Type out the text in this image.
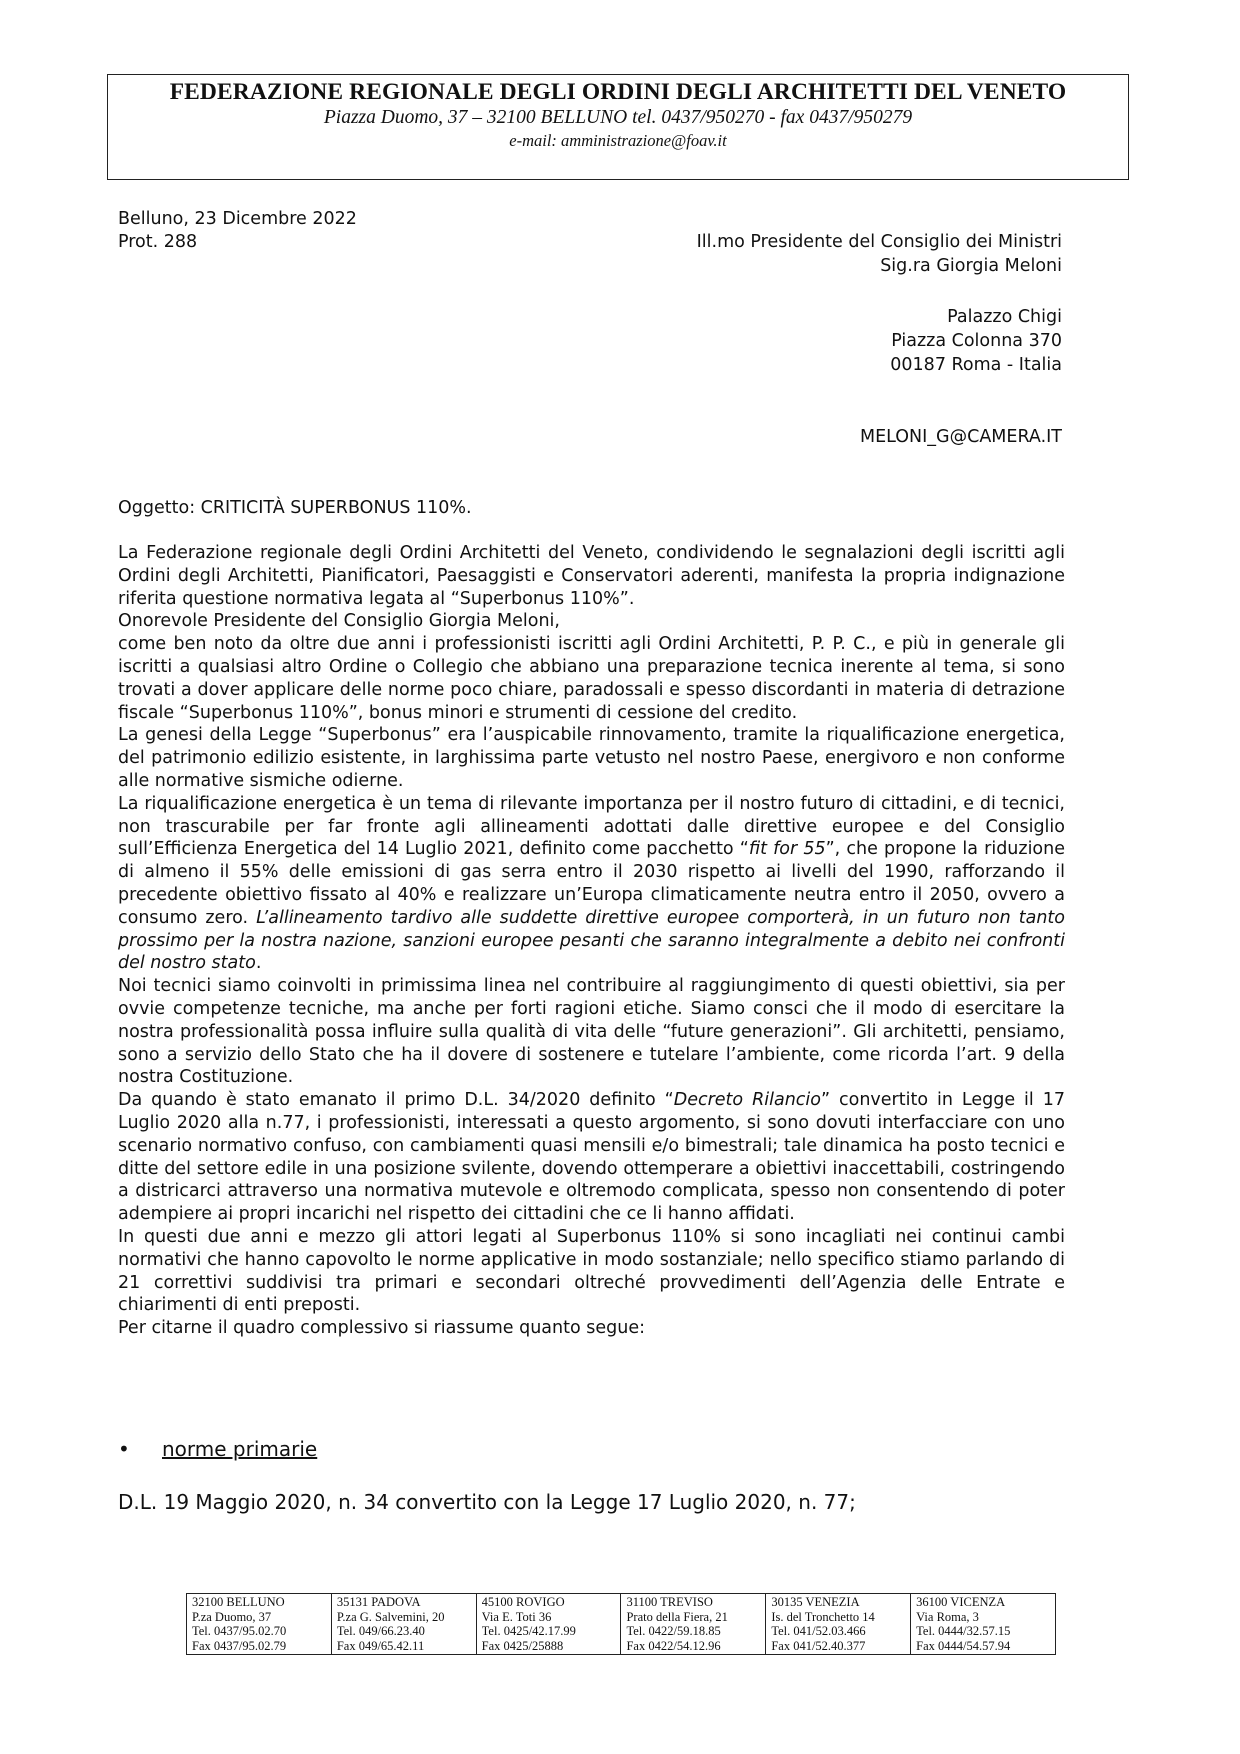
FEDERAZIONE REGIONALE DEGLI ORDINI DEGLI ARCHITETTI DEL VENETO
Piazza Duomo, 37 – 32100 BELLUNO tel. 0437/950270 - fax 0437/950279
e-mail: amministrazione@foav.it
Belluno, 23 Dicembre 2022
Prot. 288	Ill.mo Presidente del Consiglio dei Ministri
Sig.ra Giorgia Meloni
Palazzo Chigi
Piazza Colonna 370
00187 Roma - Italia
MELONI_G@CAMERA.IT
Oggetto: CRITICITÀ SUPERBONUS 110%.

La Federazione regionale degli Ordini Architetti del Veneto, condividendo le segnalazioni degli iscritti agli Ordini degli Architetti, Pianificatori, Paesaggisti e Conservatori aderenti, manifesta la propria indignazione riferita questione normativa legata al “Superbonus 110%”.

Onorevole Presidente del Consiglio Giorgia Meloni,

come ben noto da oltre due anni i professionisti iscritti agli Ordini Architetti, P. P. C., e più in generale gli iscritti a qualsiasi altro Ordine o Collegio che abbiano una preparazione tecnica inerente al tema, si sono trovati a dover applicare delle norme poco chiare, paradossali e spesso discordanti in materia di detrazione fiscale “Superbonus 110%”, bonus minori e strumenti di cessione del credito.

La genesi della Legge “Superbonus” era l’auspicabile rinnovamento, tramite la riqualificazione energetica, del patrimonio edilizio esistente, in larghissima parte vetusto nel nostro Paese, energivoro e non conforme alle normative sismiche odierne.

La riqualificazione energetica è un tema di rilevante importanza per il nostro futuro di cittadini, e di tecnici, non trascurabile per far fronte agli allineamenti adottati dalle direttive europee e del Consiglio sull’Efficienza Energetica del 14 Luglio 2021, definito come pacchetto “fit for 55”, che propone la riduzione di almeno il 55% delle emissioni di gas serra entro il 2030 rispetto ai livelli del 1990, rafforzando il precedente obiettivo fissato al 40% e realizzare un’Europa climaticamente neutra entro il 2050, ovvero a consumo zero. L’allineamento tardivo alle suddette direttive europee comporterà, in un futuro non tanto prossimo per la nostra nazione, sanzioni europee pesanti che saranno integralmente a debito nei confronti del nostro stato.

Noi tecnici siamo coinvolti in primissima linea nel contribuire al raggiungimento di questi obiettivi, sia per ovvie competenze tecniche, ma anche per forti ragioni etiche. Siamo consci che il modo di esercitare la nostra professionalità possa influire sulla qualità di vita delle “future generazioni”. Gli architetti, pensiamo, sono a servizio dello Stato che ha il dovere di sostenere e tutelare l’ambiente, come ricorda l’art. 9 della nostra Costituzione.

Da quando è stato emanato il primo D.L. 34/2020 definito “Decreto Rilancio” convertito in Legge il 17 Luglio 2020 alla n.77, i professionisti, interessati a questo argomento, si sono dovuti interfacciare con uno scenario normativo confuso, con cambiamenti quasi mensili e/o bimestrali; tale dinamica ha posto tecnici e ditte del settore edile in una posizione svilente, dovendo ottemperare a obiettivi inaccettabili, costringendo a districarci attraverso una normativa mutevole e oltremodo complicata, spesso non consentendo di poter adempiere ai propri incarichi nel rispetto dei cittadini che ce li hanno affidati.

In questi due anni e mezzo gli attori legati al Superbonus 110% si sono incagliati nei continui cambi normativi che hanno capovolto le norme applicative in modo sostanziale; nello specifico stiamo parlando di 21 correttivi suddivisi tra primari e secondari oltreché provvedimenti dell’Agenzia delle Entrate e chiarimenti di enti preposti.

Per citarne il quadro complessivo si riassume quanto segue:

• norme primarie
D.L. 19 Maggio 2020, n. 34 convertito con la Legge 17 Luglio 2020, n. 77;
32100 BELLUNO
P.za Duomo, 37
Tel. 0437/95.02.70
Fax 0437/95.02.79

35131 PADOVA
P.za G. Salvemini, 20
Tel. 049/66.23.40
Fax 049/65.42.11

45100 ROVIGO
Via E. Toti 36
Tel. 0425/42.17.99
Fax 0425/25888

31100 TREVISO
Prato della Fiera, 21
Tel. 0422/59.18.85
Fax 0422/54.12.96

30135 VENEZIA
Is. del Tronchetto 14
Tel. 041/52.03.466
Fax 041/52.40.377

36100 VICENZA
Via Roma, 3
Tel. 0444/32.57.15
Fax 0444/54.57.94
